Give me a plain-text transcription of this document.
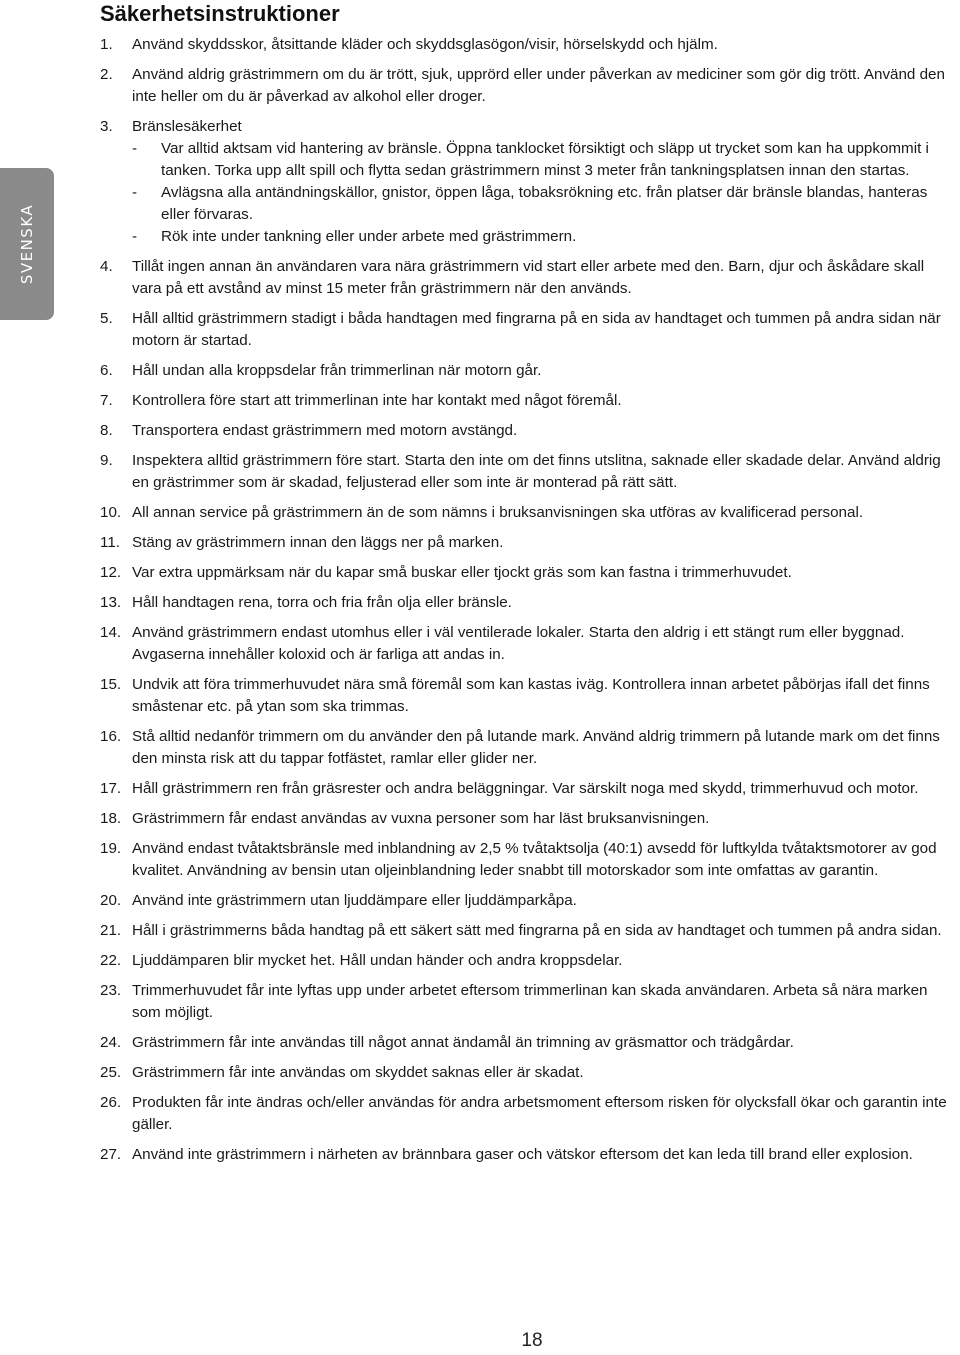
SVENSKA
Säkerhetsinstruktioner
1. Använd skyddsskor, åtsittande kläder och skyddsglasögon/visir, hörselskydd och hjälm.
2. Använd aldrig grästrimmern om du är trött, sjuk, upprörd eller under påverkan av mediciner som gör dig trött. Använd den inte heller om du är påverkad av alkohol eller droger.
3. Bränslesäkerhet
- Var alltid aktsam vid hantering av bränsle. Öppna tanklocket försiktigt och släpp ut trycket som kan ha uppkommit i tanken. Torka upp allt spill och flytta sedan grästrimmern minst 3 meter från tankningsplatsen innan den startas.
- Avlägsna alla antändningskällor, gnistor, öppen låga, tobaksrökning etc. från platser där bränsle blandas, hanteras eller förvaras.
- Rök inte under tankning eller under arbete med grästrimmern.
4. Tillåt ingen annan än användaren vara nära grästrimmern vid start eller arbete med den. Barn, djur och åskådare skall vara på ett avstånd av minst 15 meter från grästrimmern när den används.
5. Håll alltid grästrimmern stadigt i båda handtagen med fingrarna på en sida av handtaget och tummen på andra sidan när motorn är startad.
6. Håll undan alla kroppsdelar från trimmerlinan när motorn går.
7. Kontrollera före start att trimmerlinan inte har kontakt med något föremål.
8. Transportera endast grästrimmern med motorn avstängd.
9. Inspektera alltid grästrimmern före start. Starta den inte om det finns utslitna, saknade eller skadade delar. Använd aldrig en grästrimmer som är skadad, feljusterad eller som inte är monterad på rätt sätt.
10. All annan service på grästrimmern än de som nämns i bruksanvisningen ska utföras av kvalificerad personal.
11. Stäng av grästrimmern innan den läggs ner på marken.
12. Var extra uppmärksam när du kapar små buskar eller tjockt gräs som kan fastna i trimmerhuvudet.
13. Håll handtagen rena, torra och fria från olja eller bränsle.
14. Använd grästrimmern endast utomhus eller i väl ventilerade lokaler. Starta den aldrig i ett stängt rum eller byggnad. Avgaserna innehåller koloxid och är farliga att andas in.
15. Undvik att föra trimmerhuvudet nära små föremål som kan kastas iväg. Kontrollera innan arbetet påbörjas ifall det finns småstenar etc. på ytan som ska trimmas.
16. Stå alltid nedanför trimmern om du använder den på lutande mark. Använd aldrig trimmern på lutande mark om det finns den minsta risk att du tappar fotfästet, ramlar eller glider ner.
17. Håll grästrimmern ren från gräsrester och andra beläggningar. Var särskilt noga med skydd, trimmerhuvud och motor.
18. Grästrimmern får endast användas av vuxna personer som har läst bruksanvisningen.
19. Använd endast tvåtaktsbränsle med inblandning av 2,5 % tvåtaktsolja (40:1) avsedd för luftkylda tvåtaktsmotorer av god kvalitet. Användning av bensin utan oljeinblandning leder snabbt till motorskador som inte omfattas av garantin.
20. Använd inte grästrimmern utan ljuddämpare eller ljuddämparkåpa.
21. Håll i grästrimmerns båda handtag på ett säkert sätt med fingrarna på en sida av handtaget och tummen på andra sidan.
22. Ljuddämparen blir mycket het. Håll undan händer och andra kroppsdelar.
23. Trimmerhuvudet får inte lyftas upp under arbetet eftersom trimmerlinan kan skada användaren. Arbeta så nära marken som möjligt.
24. Grästrimmern får inte användas till något annat ändamål än trimning av gräsmattor och trädgårdar.
25. Grästrimmern får inte användas om skyddet saknas eller är skadat.
26. Produkten får inte ändras och/eller användas för andra arbetsmoment eftersom risken för olycksfall ökar och garantin inte gäller.
27. Använd inte grästrimmern i närheten av brännbara gaser och vätskor eftersom det kan leda till brand eller explosion.
18
